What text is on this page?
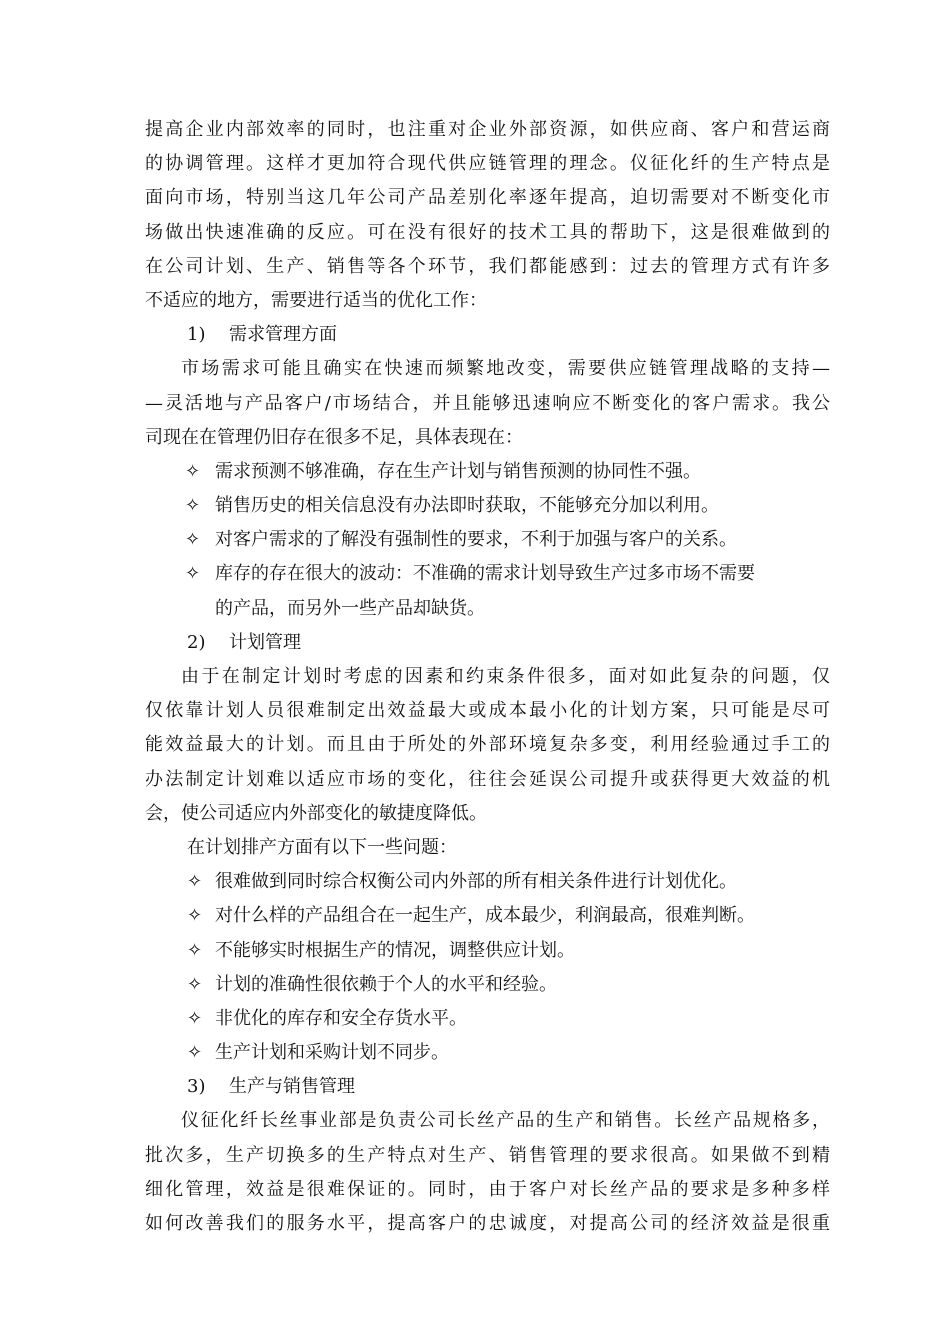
提高企业内部效率的同时，也注重对企业外部资源，如供应商、客户和营运商
的协调管理。这样才更加符合现代供应链管理的理念。仪征化纤的生产特点是
面向市场，特别当这几年公司产品差别化率逐年提高，迫切需要对不断变化市
场做出快速准确的反应。可在没有很好的技术工具的帮助下，这是很难做到的
在公司计划、生产、销售等各个环节，我们都能感到：过去的管理方式有许多
不适应的地方，需要进行适当的优化工作：
1) 需求管理方面
市场需求可能且确实在快速而频繁地改变，需要供应链管理战略的支持—
—灵活地与产品客户/市场结合，并且能够迅速响应不断变化的客户需求。我公
司现在在管理仍旧存在很多不足，具体表现在：
✧ 需求预测不够准确，存在生产计划与销售预测的协同性不强。
✧ 销售历史的相关信息没有办法即时获取，不能够充分加以利用。
✧ 对客户需求的了解没有强制性的要求，不利于加强与客户的关系。
✧ 库存的存在很大的波动：不准确的需求计划导致生产过多市场不需要
的产品，而另外一些产品却缺货。
2) 计划管理
由于在制定计划时考虑的因素和约束条件很多，面对如此复杂的问题，仅
仅依靠计划人员很难制定出效益最大或成本最小化的计划方案，只可能是尽可
能效益最大的计划。而且由于所处的外部环境复杂多变，利用经验通过手工的
办法制定计划难以适应市场的变化，往往会延误公司提升或获得更大效益的机
会，使公司适应内外部变化的敏捷度降低。
在计划排产方面有以下一些问题：
✧ 很难做到同时综合权衡公司内外部的所有相关条件进行计划优化。
✧ 对什么样的产品组合在一起生产，成本最少，利润最高，很难判断。
✧ 不能够实时根据生产的情况，调整供应计划。
✧ 计划的准确性很依赖于个人的水平和经验。
✧ 非优化的库存和安全存货水平。
✧ 生产计划和采购计划不同步。
3) 生产与销售管理
仪征化纤长丝事业部是负责公司长丝产品的生产和销售。长丝产品规格多，
批次多，生产切换多的生产特点对生产、销售管理的要求很高。如果做不到精
细化管理，效益是很难保证的。同时，由于客户对长丝产品的要求是多种多样
如何改善我们的服务水平，提高客户的忠诚度，对提高公司的经济效益是很重
